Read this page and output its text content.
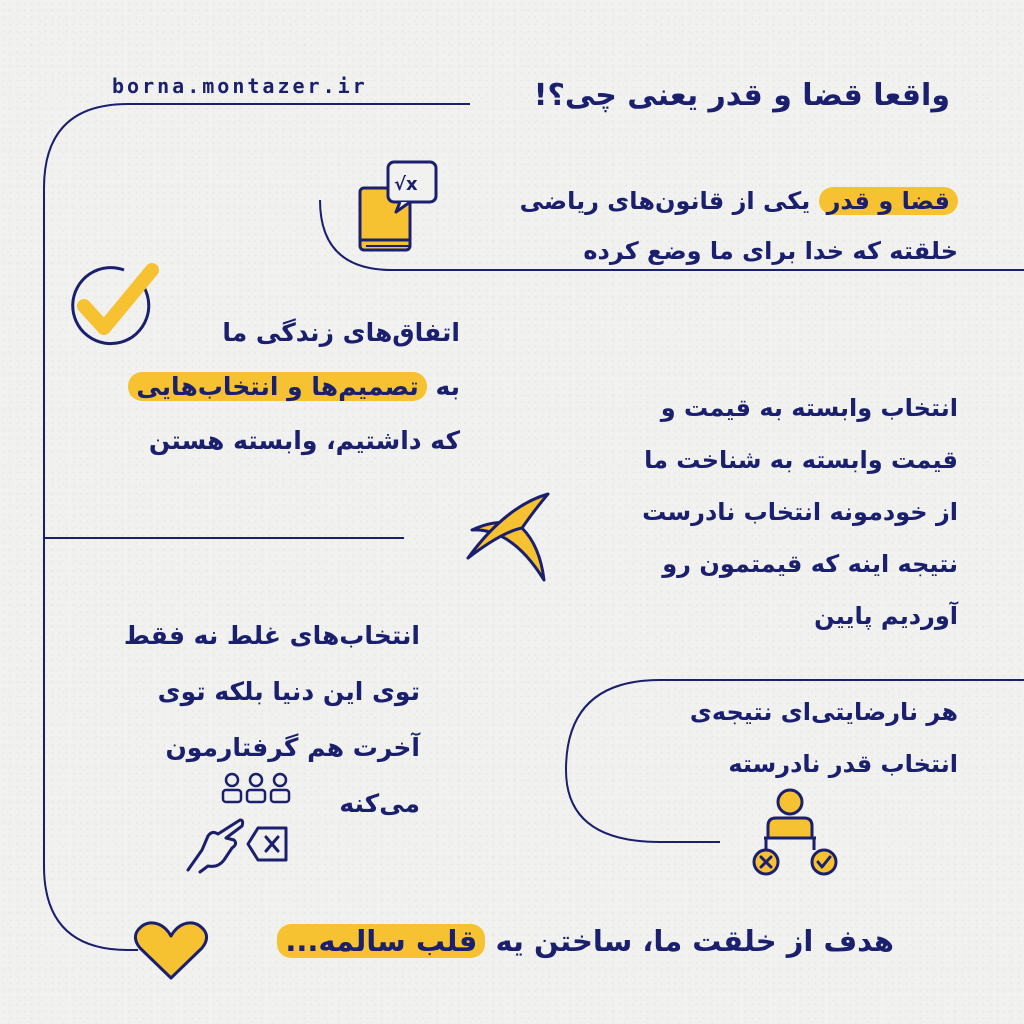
borna.montazer.ir	واقعا قضا و قدر یعنی چی؟!
√x

قضا و قدر یکی از قانون‌های ریاضی

خلقته که خدا برای ما وضع کرده

اتفاق‌های زندگی ما

به تصمیم‌ها و انتخاب‌هایی

که داشتیم، وابسته هستن

انتخاب وابسته به قیمت و

قیمت وابسته به شناخت ما

از خودمونه انتخاب نادرست

نتیجه اینه که قیمتمون رو

آوردیم پایین

انتخاب‌های غلط نه فقط

توی این دنیا بلکه توی

آخرت هم گرفتارمون

می‌کنه

هر نارضایتی‌ای نتیجه‌ی

انتخاب قدر نادرسته

هدف از خلقت ما، ساختن یه قلب سالمه...
